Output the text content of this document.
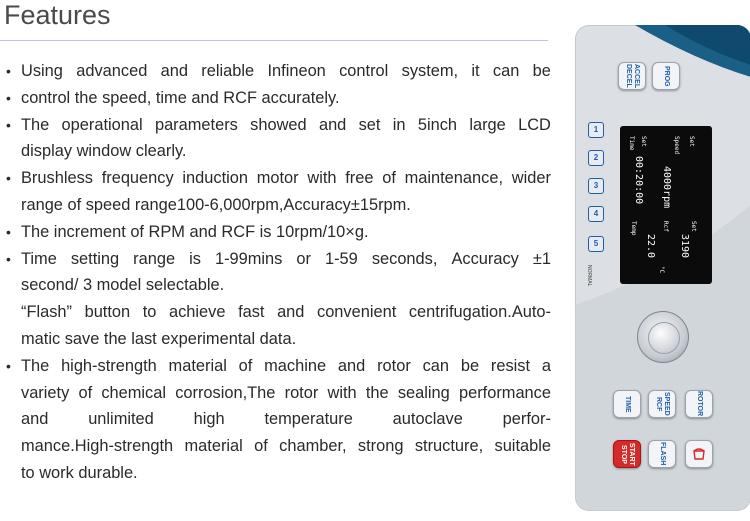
Features
• Using advanced and reliable Infineon control system, it can be
• control the speed, time and RCF accurately.
• The operational parameters showed and set in 5inch large LCD
display window clearly.
• Brushless frequency induction motor with free of maintenance, wider
range of speed range100-6,000rpm,Accuracy±15rpm.
• The increment of RPM and RCF is 10rpm/10×g.
• Time setting range is 1-99mins or 1-59 seconds, Accuracy ±1
second/ 3 model selectable.
“Flash” button to achieve fast and convenient centrifugation.Auto-
matic save the last experimental data.
• The high-strength material of machine and rotor can be resist a
variety of chemical corrosion,The rotor with the sealing performance
and unlimited high temperature autoclave perfor-
mance.High-strength material of chamber, strong structure, suitable
to work durable.
ACCEL DECEL	PROG
Set
Speed
4000rpm
Set
Time
00:20:00
Rcf	Set
3190
Temp
22.0
°C
1
2
3
4
5
NORMAL
TIME	SPEED RCF	ROTOR
START STOP	FLASH
